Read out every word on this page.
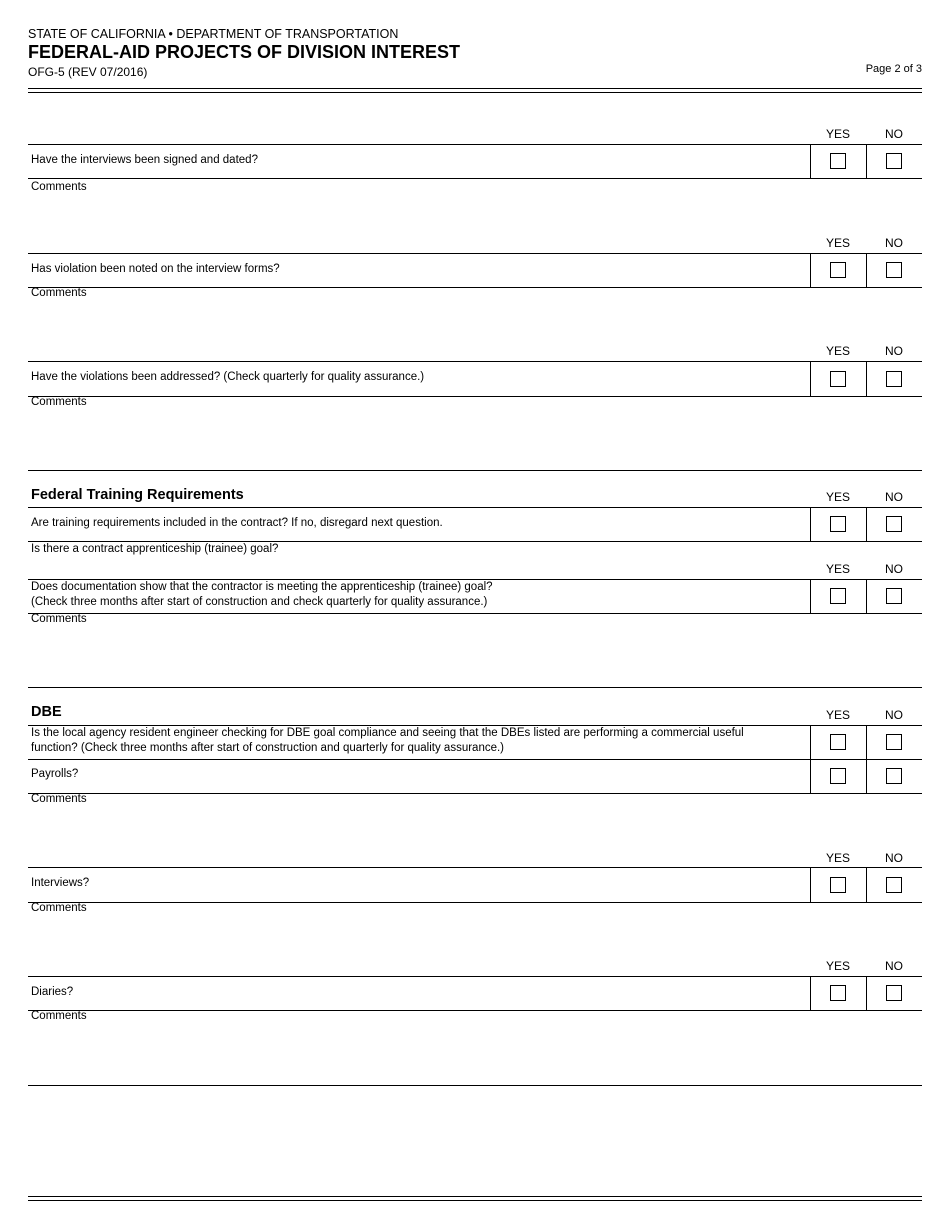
STATE OF CALIFORNIA • DEPARTMENT OF TRANSPORTATION
FEDERAL-AID PROJECTS OF DIVISION INTEREST
OFG-5 (REV 07/2016)	Page 2 of 3
YES	NO
Have the interviews been signed and dated?
Comments
YES	NO
Has violation been noted on the interview forms?
Comments
YES	NO
Have the violations been addressed? (Check quarterly for quality assurance.)
Comments
Federal Training Requirements	YES	NO
Are training requirements included in the contract? If no, disregard next question.
Is there a contract apprenticeship (trainee) goal?
YES	NO
Does documentation show that the contractor is meeting the apprenticeship (trainee) goal?
(Check three months after start of construction and check quarterly for quality assurance.)
Comments
DBE	YES	NO
Is the local agency resident engineer checking for DBE goal compliance and seeing that the DBEs listed are performing a commercial useful
function? (Check three months after start of construction and quarterly for quality assurance.)
Payrolls?
Comments
YES	NO
Interviews?
Comments
YES	NO
Diaries?
Comments
